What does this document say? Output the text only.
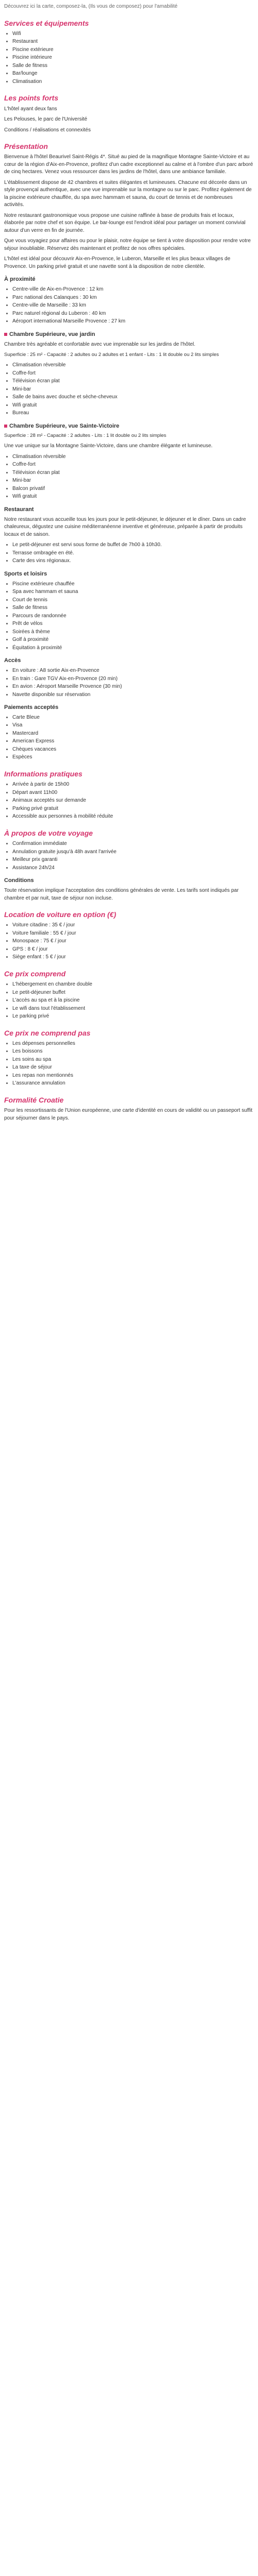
Découvrez ici la carte, composez-la, (Ils vous de composez) pour l'amabilité

Services et équipements
• Wifi
• Restaurant
• Piscine extérieure
• Piscine intérieure
• Salle de fitness
• Bar/lounge
• Climatisation
Les points forts

L'hôtel ayant deux fans

Les Pelouses, le parc de l'Université

Conditions / réalisations et connexités

Présentation

Bienvenue à l'hôtel Beaurivel Saint-Régis 4*. Situé au pied de la magnifique Montagne Sainte-Victoire et au cœur de la région d'Aix-en-Provence, profitez d'un cadre exceptionnel au calme et à l'ombre d'un parc arboré de cinq hectares. Venez vous ressourcer dans les jardins de l'hôtel, dans une ambiance familiale.

L'établissement dispose de 42 chambres et suites élégantes et lumineuses. Chacune est décorée dans un style provençal authentique, avec une vue imprenable sur la montagne ou sur le parc. Profitez également de la piscine extérieure chauffée, du spa avec hammam et sauna, du court de tennis et de nombreuses activités.

Notre restaurant gastronomique vous propose une cuisine raffinée à base de produits frais et locaux, élaborée par notre chef et son équipe. Le bar-lounge est l'endroit idéal pour partager un moment convivial autour d'un verre en fin de journée.

Que vous voyagiez pour affaires ou pour le plaisir, notre équipe se tient à votre disposition pour rendre votre séjour inoubliable. Réservez dès maintenant et profitez de nos offres spéciales.

L'hôtel est idéal pour découvrir Aix-en-Provence, le Luberon, Marseille et les plus beaux villages de Provence. Un parking privé gratuit et une navette sont à la disposition de notre clientèle.

À proximité
• Centre-ville de Aix-en-Provence : 12 km
• Parc national des Calanques : 30 km
• Centre-ville de Marseille : 33 km
• Parc naturel régional du Luberon : 40 km
• Aéroport international Marseille Provence : 27 km
Chambre Supérieure, vue jardin

Chambre très agréable et confortable avec vue imprenable sur les jardins de l'hôtel.

Superficie : 25 m² - Capacité : 2 adultes ou 2 adultes et 1 enfant - Lits : 1 lit double ou 2 lits simples

• Climatisation réversible
• Coffre-fort
• Télévision écran plat
• Mini-bar
• Salle de bains avec douche et sèche-cheveux
• Wifi gratuit
• Bureau
Chambre Supérieure, vue Sainte-Victoire

Superficie : 28 m² - Capacité : 2 adultes - Lits : 1 lit double ou 2 lits simples

Une vue unique sur la Montagne Sainte-Victoire, dans une chambre élégante et lumineuse.

• Climatisation réversible
• Coffre-fort
• Télévision écran plat
• Mini-bar
• Balcon privatif
• Wifi gratuit
Restaurant

Notre restaurant vous accueille tous les jours pour le petit-déjeuner, le déjeuner et le dîner. Dans un cadre chaleureux, dégustez une cuisine méditerranéenne inventive et généreuse, préparée à partir de produits locaux et de saison.

• Le petit-déjeuner est servi sous forme de buffet de 7h00 à 10h30.
• Terrasse ombragée en été.
• Carte des vins régionaux.
Sports et loisirs
• Piscine extérieure chauffée
• Spa avec hammam et sauna
• Court de tennis
• Salle de fitness
• Parcours de randonnée
• Prêt de vélos
• Soirées à thème
• Golf à proximité
• Équitation à proximité
Accès
• En voiture : A8 sortie Aix-en-Provence
• En train : Gare TGV Aix-en-Provence (20 min)
• En avion : Aéroport Marseille Provence (30 min)
• Navette disponible sur réservation
Paiements acceptés
• Carte Bleue
• Visa
• Mastercard
• American Express
• Chèques vacances
• Espèces
Informations pratiques
• Arrivée à partir de 15h00
• Départ avant 11h00
• Animaux acceptés sur demande
• Parking privé gratuit
• Accessible aux personnes à mobilité réduite
À propos de votre voyage
• Confirmation immédiate
• Annulation gratuite jusqu'à 48h avant l'arrivée
• Meilleur prix garanti
• Assistance 24h/24
Conditions

Toute réservation implique l'acceptation des conditions générales de vente. Les tarifs sont indiqués par chambre et par nuit, taxe de séjour non incluse.

Location de voiture en option (€)
• Voiture citadine : 35 € / jour
• Voiture familiale : 55 € / jour
• Monospace : 75 € / jour
• GPS : 8 € / jour
• Siège enfant : 5 € / jour
Ce prix comprend
• L'hébergement en chambre double
• Le petit-déjeuner buffet
• L'accès au spa et à la piscine
• Le wifi dans tout l'établissement
• Le parking privé
Ce prix ne comprend pas
• Les dépenses personnelles
• Les boissons
• Les soins au spa
• La taxe de séjour
• Les repas non mentionnés
• L'assurance annulation
Formalité Croatie

Pour les ressortissants de l'Union européenne, une carte d'identité en cours de validité ou un passeport suffit pour séjourner dans le pays.
